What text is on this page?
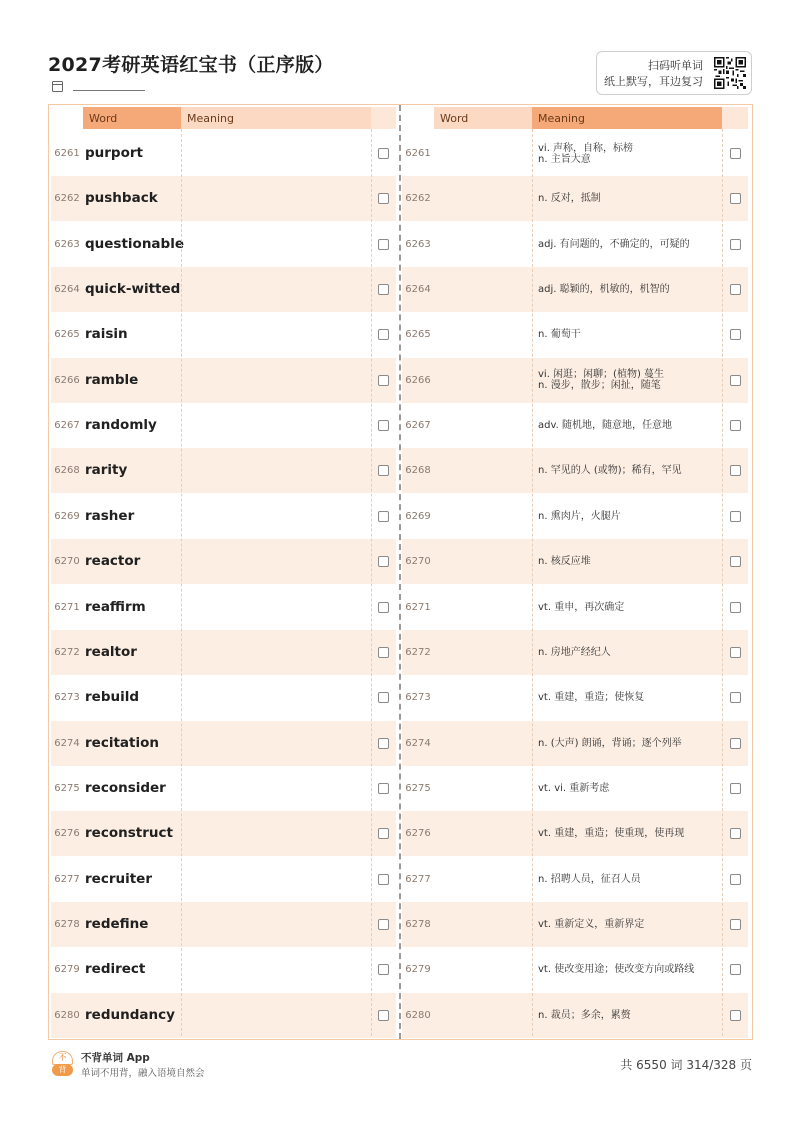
2027考研英语红宝书（正序版）	扫码听单词
纸上默写，耳边复习
Word	Meaning
6261 purport
6262 pushback
6263 questionable
6264 quick-witted
6265 raisin
6266 ramble
6267 randomly
6268 rarity
6269 rasher
6270 reactor
6271 reaffirm
6272 realtor
6273 rebuild
6274 recitation
6275 reconsider
6276 reconstruct
6277 recruiter
6278 redefine
6279 redirect
6280 redundancy
Word	Meaning
6261	vi. 声称，自称，标榜
n. 主旨大意
6262	n. 反对，抵制
6263	adj. 有问题的，不确定的，可疑的
6264	adj. 聪颖的，机敏的，机智的
6265	n. 葡萄干
6266	vi. 闲逛；闲聊；(植物) 蔓生
n. 漫步，散步；闲扯，随笔
6267	adv. 随机地，随意地，任意地
6268	n. 罕见的人 (或物)；稀有，罕见
6269	n. 熏肉片，火腿片
6270	n. 核反应堆
6271	vt. 重申，再次确定
6272	n. 房地产经纪人
6273	vt. 重建，重造；使恢复
6274	n. (大声) 朗诵，背诵；逐个列举
6275	vt. vi. 重新考虑
6276	vt. 重建，重造；使重现，使再现
6277	n. 招聘人员，征召人员
6278	vt. 重新定义，重新界定
6279	vt. 使改变用途；使改变方向或路线
6280	n. 裁员；多余，累赘
不
背
不背单词 App
单词不用背，融入语境自然会
共 6550 词 314/328 页
